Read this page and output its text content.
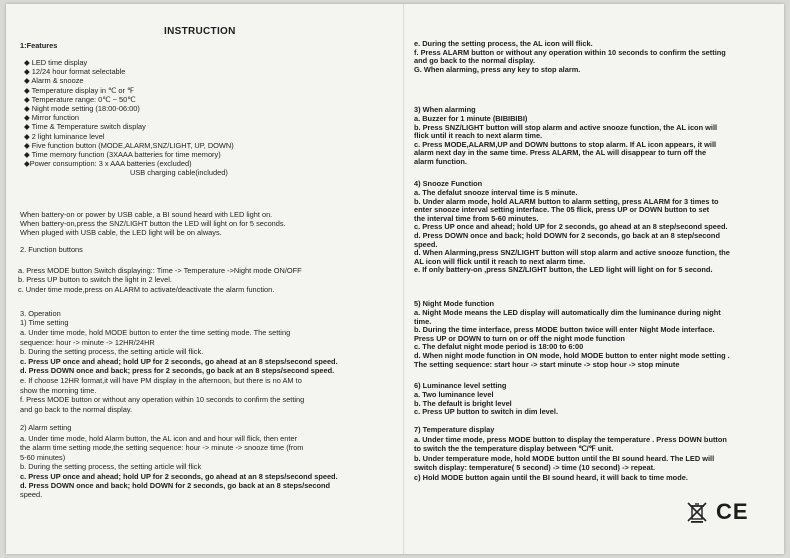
INSTRUCTION
1:Features
◆ LED time display
◆ 12/24 hour format selectable
◆ Alarm & snooze
◆ Temperature display in ℃ or ℉
◆ Temperature range: 0℃ ~ 50℃
◆ Night mode setting (18:00-06:00)
◆ Mirror function
◆ Time & Temperature switch display
◆ 2 light luminance level
◆ Five function button (MODE,ALARM,SNZ/LIGHT, UP, DOWN)
◆ Time memory function (3XAAA batteries for time memory)
◆Power consumption: 3 x AAA batteries (excluded)
USB charging cable(included)
When battery-on or power by USB cable, a BI sound heard with LED light on.
When battery-on,press the SNZ/LIGHT button the LED will light on for 5 seconds.
When pluged with USB cable, the LED light will be on always.
2. Function buttons
a. Press MODE button Switch displaying:: Time -> Temperature ->Night mode ON/OFF
b. Press UP button to switch the light in 2 level.
c. Under time mode,press on ALARM to activate/deactivate the alarm function.
3. Operation
1) Time setting
a. Under time mode, hold MODE button to enter the time setting mode. The setting
sequence: hour -> minute -> 12HR/24HR
b. During the setting process, the setting article will flick.
c. Press UP once and ahead; hold UP for 2 seconds, go ahead at an 8 steps/second speed.
d. Press DOWN once and back; press for 2 seconds, go back at an 8 steps/second speed.
e. If choose 12HR format,it will have PM display in the afternoon, but there is no AM to
show the morning time.
f. Press MODE button or without any operation within 10 seconds to confirm the setting
and go back to the normal display.
2) Alarm setting
a. Under time mode, hold Alarm button, the AL icon and and hour will flick, then enter
the alarm time setting mode,the setting sequence: hour -> minute -> snooze time (from
5-60 minutes)
b. During the setting process, the setting article will flick
c. Press UP once and ahead; hold UP for 2 seconds, go ahead at an 8 steps/second speed.
d. Press DOWN once and back; hold DOWN for 2 seconds, go back at an 8 steps/second
speed.
e. During the setting process, the AL icon will flick.
f. Press ALARM button or without any operation within 10 seconds to confirm the setting
and go back to the normal display.
G. When alarming, press any key to stop alarm.
3) When alarming
a. Buzzer for 1 minute (BIBIBIBI)
b. Press SNZ/LIGHT button will stop alarm and active snooze function, the AL icon will
flick until it reach to next alarm time.
c. Press MODE,ALARM,UP and DOWN buttons to stop alarm. If AL icon appears, it will
alarm next day in the same time. Press ALARM, the AL will disappear to turn off the
alarm function.
4) Snooze Function
a. The defalut snooze interval time is 5 minute.
b. Under alarm mode, hold ALARM button to alarm setting, press ALARM for 3 times to
enter snooze interval setting interface. The 05 flick, press UP or DOWN button to set
the interval time from 5-60 minutes.
c. Press UP once and ahead; hold UP for 2 seconds, go ahead at an 8 step/second speed.
d. Press DOWN once and back; hold DOWN for 2 seconds, go back at an 8 step/second
speed.
d. When Alarming,press SNZ/LIGHT button will stop alarm and active snooze function, the
AL icon will flick until it reach to next alarm time.
e. If only battery-on ,press SNZ/LIGHT button, the LED light will light on for 5 second.
5) Night Mode function
a. Night Mode means the LED display will automatically dim the luminance during night
time.
b. During the time interface, press MODE button twice will enter Night Mode interface.
Press UP or DOWN to turn on or off the night mode function
c. The defalut night mode period is 18:00 to 6:00
d. When night mode function in ON mode, hold MODE button to enter night mode setting .
The setting sequence: start hour -> start minute -> stop hour -> stop minute
6) Luminance level setting
a. Two luminance level
b. The default is bright level
c. Press UP button to switch in dim level.
7) Temperature display
a. Under time mode, press MODE button to display the temperature . Press DOWN button
to switch the the temperature display between ℃/℉ unit.
b. Under temperature mode, hold MODE button until the BI sound heard. The LED will
switch display: temperature( 5 second) -> time (10 second) -> repeat.
c) Hold MODE button again until the BI sound heard, it will back to time mode.
CE
